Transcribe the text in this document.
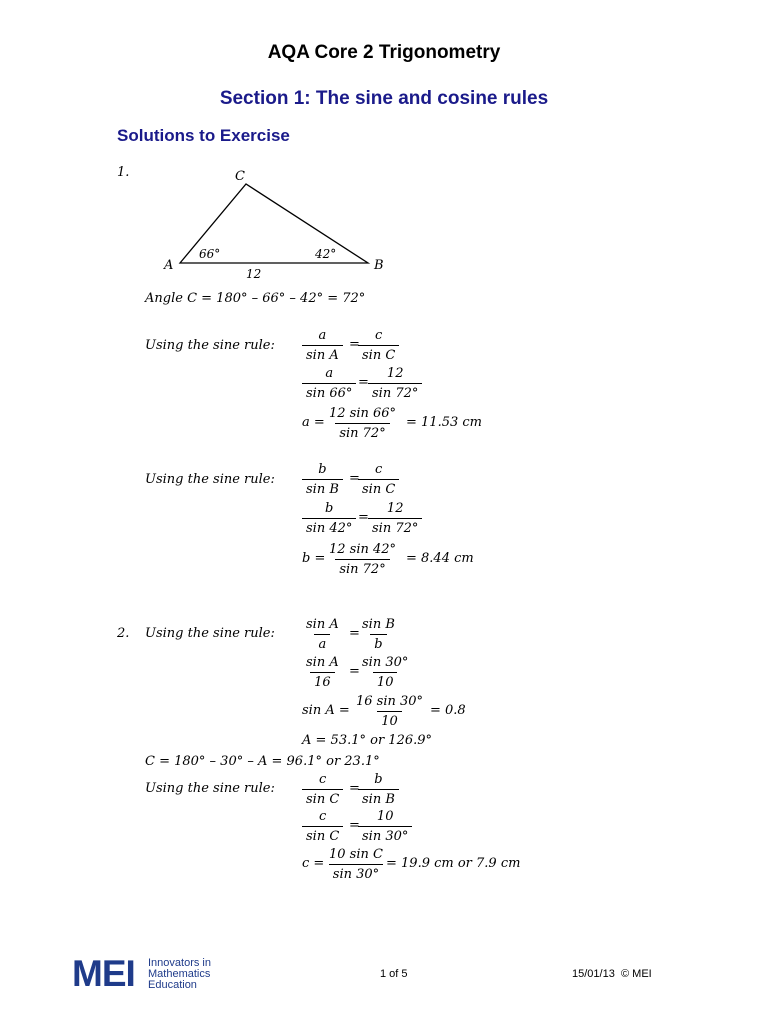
AQA Core 2 Trigonometry
Section 1: The sine and cosine rules
Solutions to Exercise
1.	C
A	B
66°	42°
12
Angle C = 180° – 66° – 42° = 72°
Using the sine rule: $\frac{a}{\text{sin A}}$ =
$\frac{c}{\text{sin C}}$
$\frac{a}{\sin 66^\circ} = \frac{12}{\sin 72^\circ}$
$a = \frac{12 \sin 66^\circ}{\sin 72^\circ} = 11.53$ cm
Using the sine rule: $\frac{b}{\text{sin B}}$ =
$\frac{c}{\text{sin C}}$
$\frac{b}{\sin 42^\circ} = \frac{12}{\sin 72^\circ}$
$b = \frac{12 \sin 42^\circ}{\sin 72^\circ} = 8.44$ cm
2. Using the sine rule: $\frac{\text{sin A}}{a}$ =
$\frac{\text{sin B}}{b}$
$\frac{\text{sin A}}{16}$ =
$\frac{\sin 30^\circ}{10}$
$\sin A = \frac{16 \sin 30^\circ}{10} = 0.8$
A = 53.1° or 126.9°
C = 180° – 30° – A = 96.1° or 23.1°
Using the sine rule: $\frac{c}{\text{sin C}}$ =
$\frac{b}{\text{sin B}}$
$\frac{c}{\text{sin C}}$ =
$\frac{10}{\sin 30^\circ}$
$c = \frac{\text{10 sin C}}{\sin 30^\circ} = 19.9$ cm or 7.9 cm
MEI Innovators in
Mathematics
Education
1 of 5	15/01/13 © MEI
